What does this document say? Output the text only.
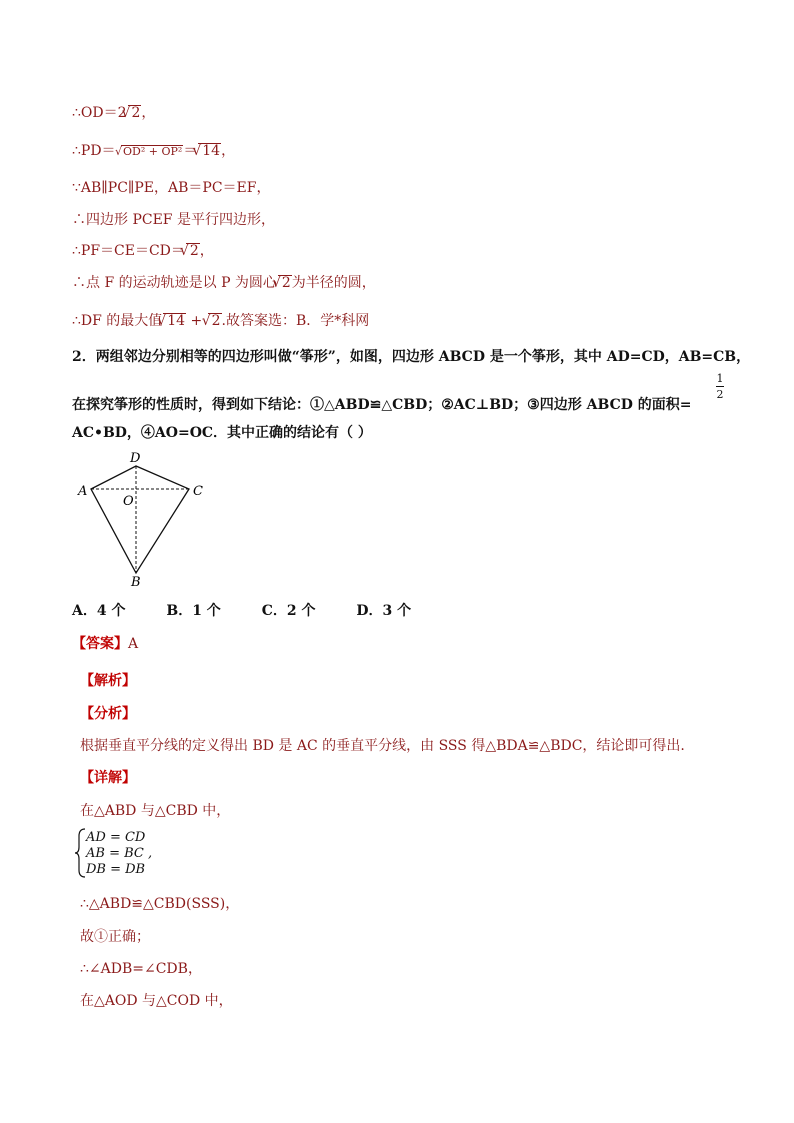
∴OD＝2 √ 2，
∴PD＝ √ OD² + OP²＝ √ 14，
∵AB∥PC∥PE，AB＝PC＝EF，
∴四边形 PCEF 是平行四边形，
∴PF＝CE＝CD＝ √ 2，
∴点 F 的运动轨迹是以 P 为圆心 √ 2为半径的圆，
∴DF 的最大值 √ 14 + √ 2.故答案选：B．学*科网
2．两组邻边分别相等的四边形叫做“筝形”，如图，四边形 ABCD 是一个筝形，其中 AD=CD，AB=CB，
在探究筝形的性质时，得到如下结论：①△ABD≌△CBD；②AC⊥BD；③四边形 ABCD 的面积=
1
2
AC•BD，④AO=OC．其中正确的结论有（ ）
D
A	C
O
B
A．4 个	B．1 个	C．2 个	D．3 个
【答案】A
【解析】
【分析】
根据垂直平分线的定义得出 BD 是 AC 的垂直平分线，由 SSS 得△BDA≌△BDC，结论即可得出.
【详解】
在△ABD 与△CBD 中，
AD = CD
AB = BC ,
DB = DB
∴△ABD≌△CBD(SSS)，
故①正确；
∴∠ADB=∠CDB，
在△AOD 与△COD 中，
